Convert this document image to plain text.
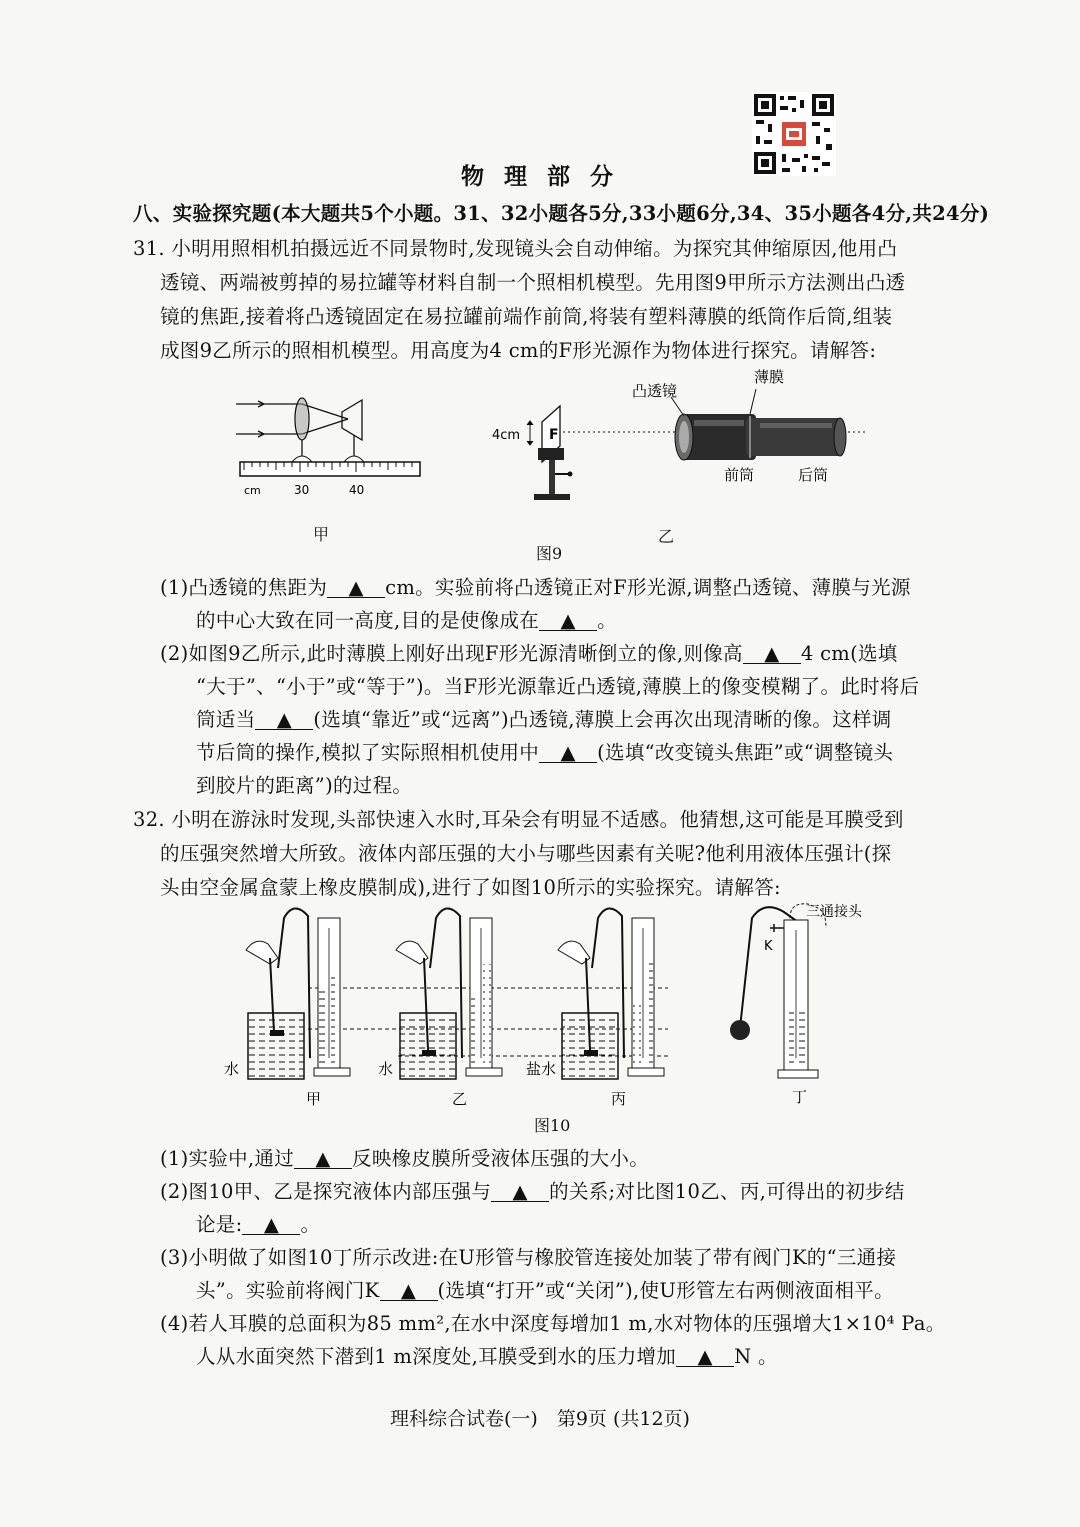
物 理 部 分
八、实验探究题(本大题共5个小题。31、32小题各5分,33小题6分,34、35小题各4分,共24分)
31. 小明用照相机拍摄远近不同景物时,发现镜头会自动伸缩。为探究其伸缩原因,他用凸
透镜、两端被剪掉的易拉罐等材料自制一个照相机模型。先用图9甲所示方法测出凸透
镜的焦距,接着将凸透镜固定在易拉罐前端作前筒,将装有塑料薄膜的纸筒作后筒,组装
成图9乙所示的照相机模型。用高度为4 cm的F形光源作为物体进行探究。请解答:
cm	30	40
甲
4cm F
凸透镜
薄膜
前筒	后筒
乙
图9
(1)凸透镜的焦距为 ▲ cm。实验前将凸透镜正对F形光源,调整凸透镜、薄膜与光源
的中心大致在同一高度,目的是使像成在 ▲ 。
(2)如图9乙所示,此时薄膜上刚好出现F形光源清晰倒立的像,则像高 ▲ 4 cm(选填
“大于”、“小于”或“等于”)。当F形光源靠近凸透镜,薄膜上的像变模糊了。此时将后
筒适当 ▲ (选填“靠近”或“远离”)凸透镜,薄膜上会再次出现清晰的像。这样调
节后筒的操作,模拟了实际照相机使用中 ▲ (选填“改变镜头焦距”或“调整镜头
到胶片的距离”)的过程。
32. 小明在游泳时发现,头部快速入水时,耳朵会有明显不适感。他猜想,这可能是耳膜受到
的压强突然增大所致。液体内部压强的大小与哪些因素有关呢?他利用液体压强计(探
头由空金属盒蒙上橡皮膜制成),进行了如图10所示的实验探究。请解答:
K
三通接头
水	水	盐水
甲	乙	丙	丁
图10
(1)实验中,通过 ▲ 反映橡皮膜所受液体压强的大小。
(2)图10甲、乙是探究液体内部压强与 ▲ 的关系;对比图10乙、丙,可得出的初步结
论是: ▲ 。
(3)小明做了如图10丁所示改进:在U形管与橡胶管连接处加装了带有阀门K的“三通接
头”。实验前将阀门K ▲ (选填“打开”或“关闭”),使U形管左右两侧液面相平。
(4)若人耳膜的总面积为85 mm²,在水中深度每增加1 m,水对物体的压强增大1×10⁴ Pa。
人从水面突然下潜到1 m深度处,耳膜受到水的压力增加 ▲ N 。
理科综合试卷(一)　第9页 (共12页)
